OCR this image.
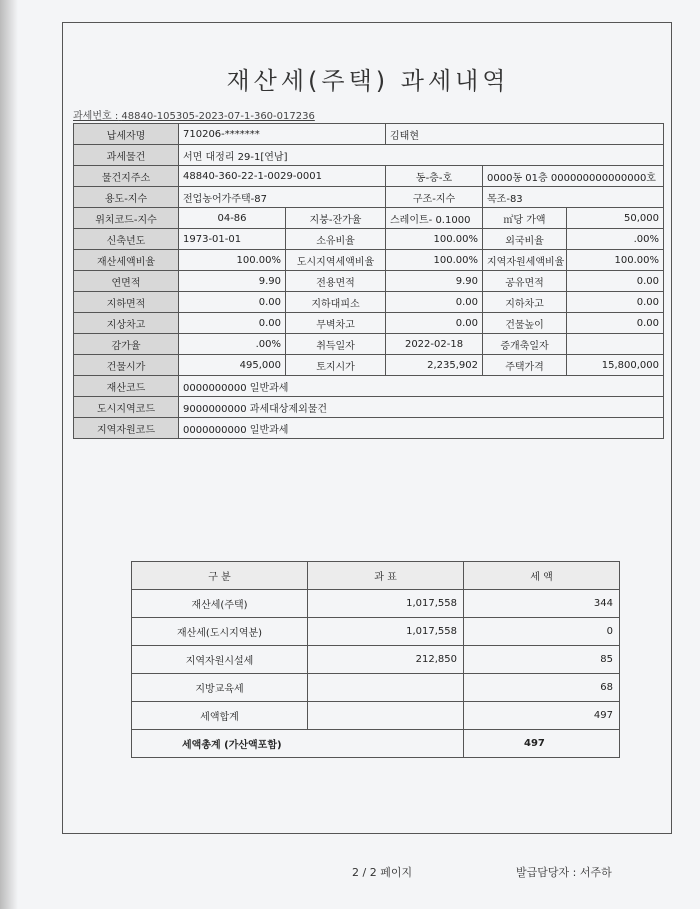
재산세(주택) 과세내역
과세번호 : 48840-105305-2023-07-1-360-017236
납세자명	710206-*******		김태현		
과세물건	서면 대정리 29-1[연남]				
물건지주소	48840-360-22-1-0029-0001		동-층-호	0000동 01층 000000000000000호	
용도-지수	전업농어가주택-87		구조-지수	목조-83	
위치코드-지수	04-86	지붕-잔가율	스레이트- 0.1000	㎡당 가액	50,000
신축년도	1973-01-01	소유비율	100.00%	외국비율	.00%
재산세액비율	100.00%	도시지역세액비율	100.00%	지역자원세액비율	100.00%
연면적	9.90	전용면적	9.90	공유면적	0.00
지하면적	0.00	지하대피소	0.00	지하차고	0.00
지상차고	0.00	무벽차고	0.00	건물높이	0.00
감가율	.00%	취득일자	2022-02-18	증개축일자	
건물시가	495,000	토지시가	2,235,902	주택가격	15,800,000
재산코드	0000000000 일반과세				
도시지역코드	9000000000 과세대상제외물건				
지역자원코드	0000000000 일반과세				
구 분	과 표	세 액
재산세(주택)	1,017,558	344
재산세(도시지역분)	1,017,558	0
지역자원시설세	212,850	85
지방교육세		68
세액합계		497
세액총계 (가산액포함)		497
2 / 2 페이지	발급담당자 : 서주하
